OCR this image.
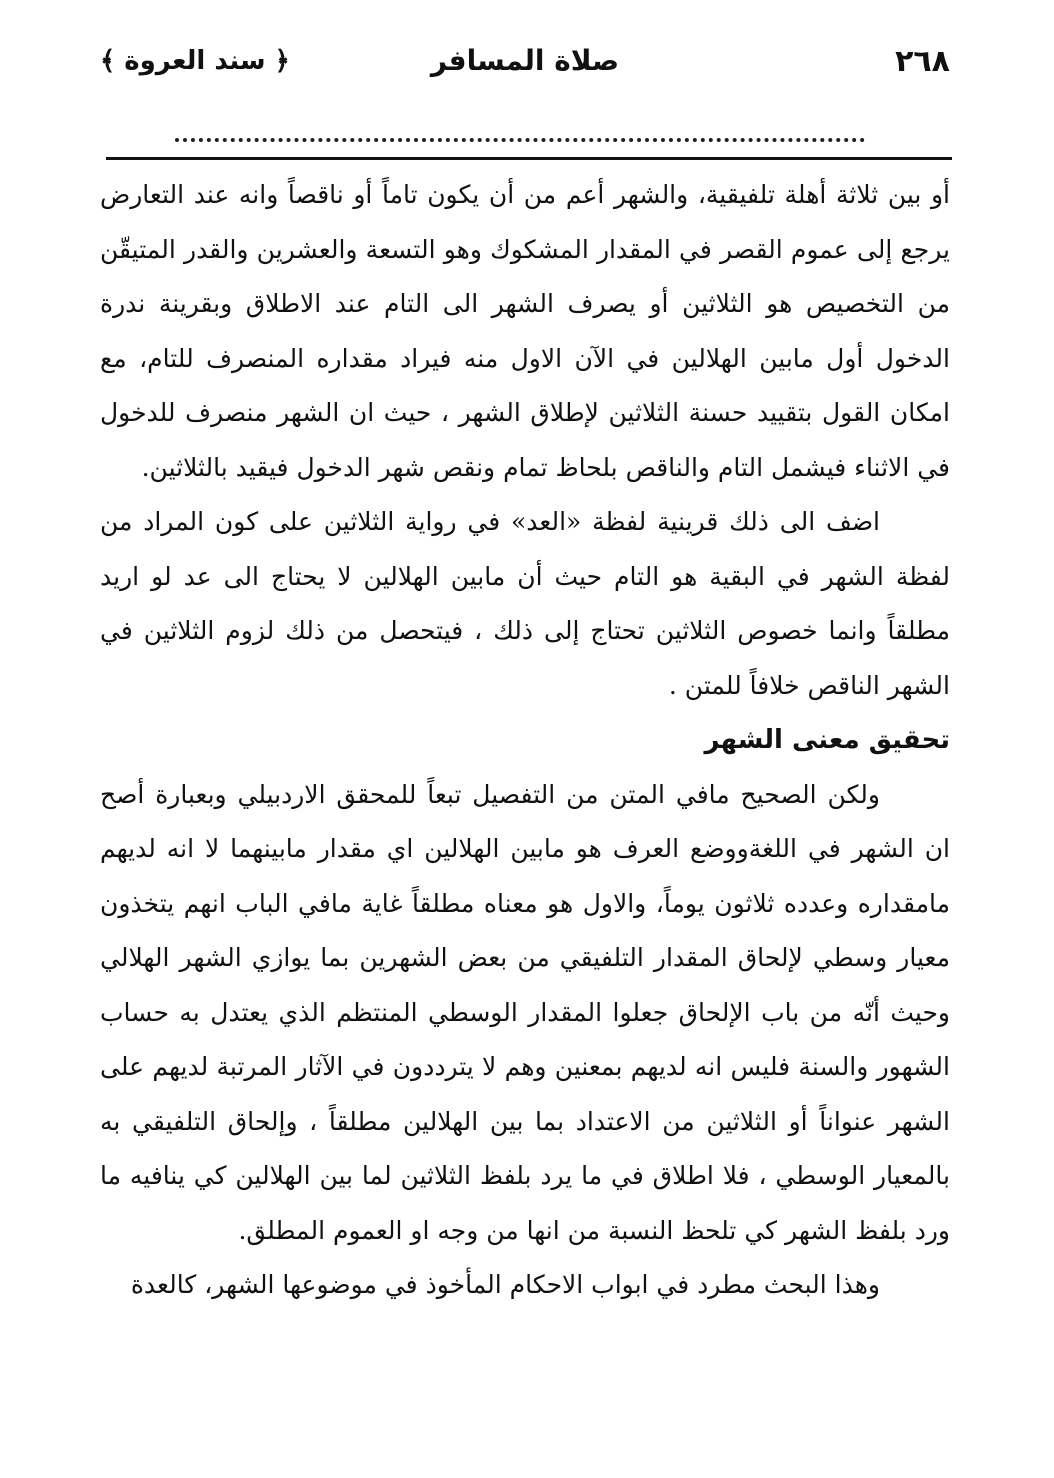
٢٦٨
صلاة المسافر
﴿ سند العروة ﴾

أو بين ثلاثة أهلة تلفيقية، والشهر أعم من أن يكون تاماً أو ناقصاً وانه عند التعارض يرجع إلى عموم القصر في المقدار المشكوك وهو التسعة والعشرين والقدر المتيقّن من التخصيص هو الثلاثين أو يصرف الشهر الى التام عند الاطلاق وبقرينة ندرة الدخول أول مابين الهلالين في الآن الاول منه فيراد مقداره المنصرف للتام، مع امكان القول بتقييد حسنة الثلاثين لإطلاق الشهر ، حيث ان الشهر منصرف للدخول في الاثناء فيشمل التام والناقص بلحاظ تمام ونقص شهر الدخول فيقيد بالثلاثين.

اضف الى ذلك قرينية لفظة «العد» في رواية الثلاثين على كون المراد من لفظة الشهر في البقية هو التام حيث أن مابين الهلالين لا يحتاج الى عد لو اريد مطلقاً وانما خصوص الثلاثين تحتاج إلى ذلك ، فيتحصل من ذلك لزوم الثلاثين في الشهر الناقص خلافاً للمتن .

تحقيق معنى الشهر

ولكن الصحيح مافي المتن من التفصيل تبعاً للمحقق الاردبيلي وبعبارة أصح ان الشهر في اللغةووضع العرف هو مابين الهلالين اي مقدار مابينهما لا انه لديهم مامقداره وعدده ثلاثون يوماً، والاول هو معناه مطلقاً غاية مافي الباب انهم يتخذون معيار وسطي لإلحاق المقدار التلفيقي من بعض الشهرين بما يوازي الشهر الهلالي وحيث أنّه من باب الإلحاق جعلوا المقدار الوسطي المنتظم الذي يعتدل به حساب الشهور والسنة فليس انه لديهم بمعنين وهم لا يترددون في الآثار المرتبة لديهم على الشهر عنواناً أو الثلاثين من الاعتداد بما بين الهلالين مطلقاً ، وإلحاق التلفيقي به بالمعيار الوسطي ، فلا اطلاق في ما يرد بلفظ الثلاثين لما بين الهلالين كي ينافيه ما ورد بلفظ الشهر كي تلحظ النسبة من انها من وجه او العموم المطلق.

وهذا البحث مطرد في ابواب الاحكام المأخوذ في موضوعها الشهر، كالعدة
